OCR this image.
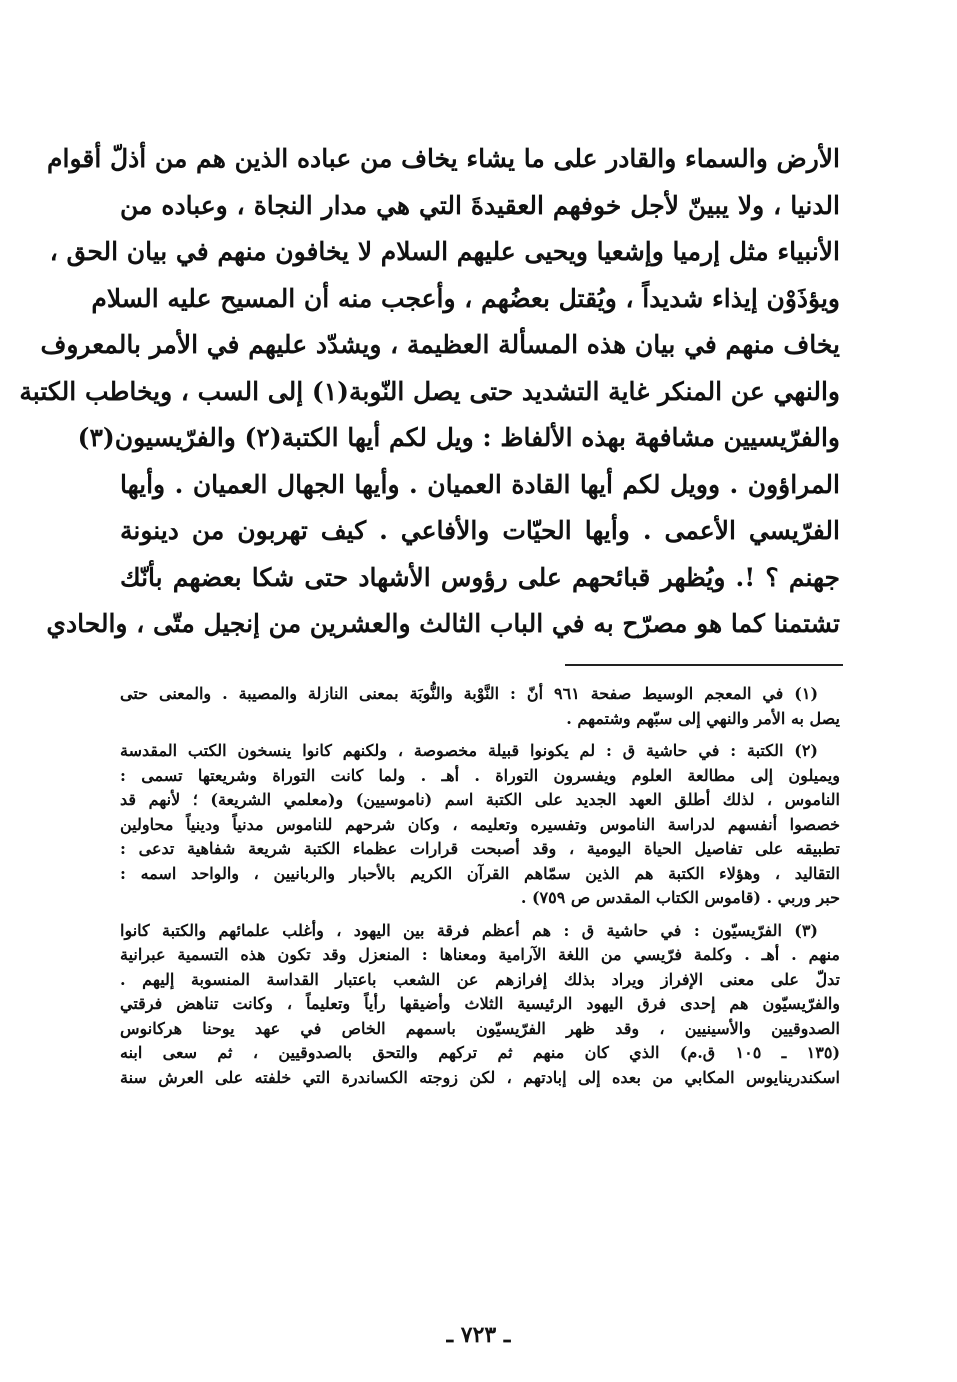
الأرض والسماء والقادر على ما يشاء يخاف من عباده الذين هم من أذلّ أقوام
الدنيا ، ولا يبينّ لأجل خوفهم العقيدةَ التي هي مدار النجاة ، وعباده من
الأنبياء مثل إرميا وإشعيا ويحيى عليهم السلام لا يخافون منهم في بيان الحق ،
ويؤذَوْن إيذاء شديداً ، ويُقتل بعضُهم ، وأعجب منه أن المسيح عليه السلام
يخاف منهم في بيان هذه المسألة العظيمة ، ويشدّد عليهم في الأمر بالمعروف
والنهي عن المنكر غاية التشديد حتى يصل النّوبة(١) إلى السب ، ويخاطب الكتبة
والفرّيسيين مشافهة بهذه الألفاظ : ويل لكم أيها الكتبة(٢) والفرّيسيون(٣)
المراؤون . وويل لكم أيها القادة العميان . وأيها الجهال العميان . وأيها
الفرّيسي الأعمى . وأيها الحيّات والأفاعي . كيف تهربون من دينونة
جهنم ؟ !. ويُظهر قبائحهم على رؤوس الأشهاد حتى شكا بعضهم بأنّك
تشتمنا كما هو مصرّح به في الباب الثالث والعشرين من إنجيل متّى ، والحادي
(١) في المعجم الوسيط صفحة ٩٦١ أنّ : النَّوْبة والنُّوبَة بمعنى النازلة والمصيبة . والمعنى حتى
يصل به الأمر والنهي إلى سبّهم وشتمهم .
(٢) الكتبة : في حاشية ق : لم يكونوا قبيلة مخصوصة ، ولكنهم كانوا ينسخون الكتب المقدسة
ويميلون إلى مطالعة العلوم ويفسرون التوراة . أهـ . ولما كانت التوراة وشريعتها تسمى :
الناموس ، لذلك أطلق العهد الجديد على الكتبة اسم (ناموسيين) و(معلمي الشريعة) ؛ لأنهم قد
خصصوا أنفسهم لدراسة الناموس وتفسيره وتعليمه ، وكان شرحهم للناموس مدنياً ودينياً محاولين
تطبيقه على تفاصيل الحياة اليومية ، وقد أصبحت قرارات عظماء الكتبة شريعة شفاهية تدعى :
التقاليد ، وهؤلاء الكتبة هم الذين سمّاهم القرآن الكريم بالأحبار والربانيين ، والواحد اسمه :
حبر وربي . (قاموس الكتاب المقدس ص ٧٥٩) .
(٣) الفرّيسيّون : في حاشية ق : هم أعظم فرقة بين اليهود ، وأغلب علمائهم والكتبة كانوا
منهم . أهـ . وكلمة فرّيسي من اللغة الآرامية ومعناها : المنعزل وقد تكون هذه التسمية عبرانية
تدلّ على معنى الإفراز ويراد بذلك إفرازهم عن الشعب باعتبار القداسة المنسوبة إليهم .
والفرّيسيّون هم إحدى فرق اليهود الرئيسية الثلاث وأضيقها رأياً وتعليماً ، وكانت تناهض فرقتي
الصدوقيين والأسينيين ، وقد ظهر الفرّيسيّون باسمهم الخاص في عهد يوحنا هركانوس
(١٣٥ ـ ١٠٥ ق.م) الذي كان منهم ثم تركهم والتحق بالصدوقيين ، ثم سعى ابنه
اسكندرينايوس المكابي من بعده إلى إبادتهم ، لكن زوجته الكساندرة التي خلفته على العرش سنة
ـ ٧٢٣ ـ
